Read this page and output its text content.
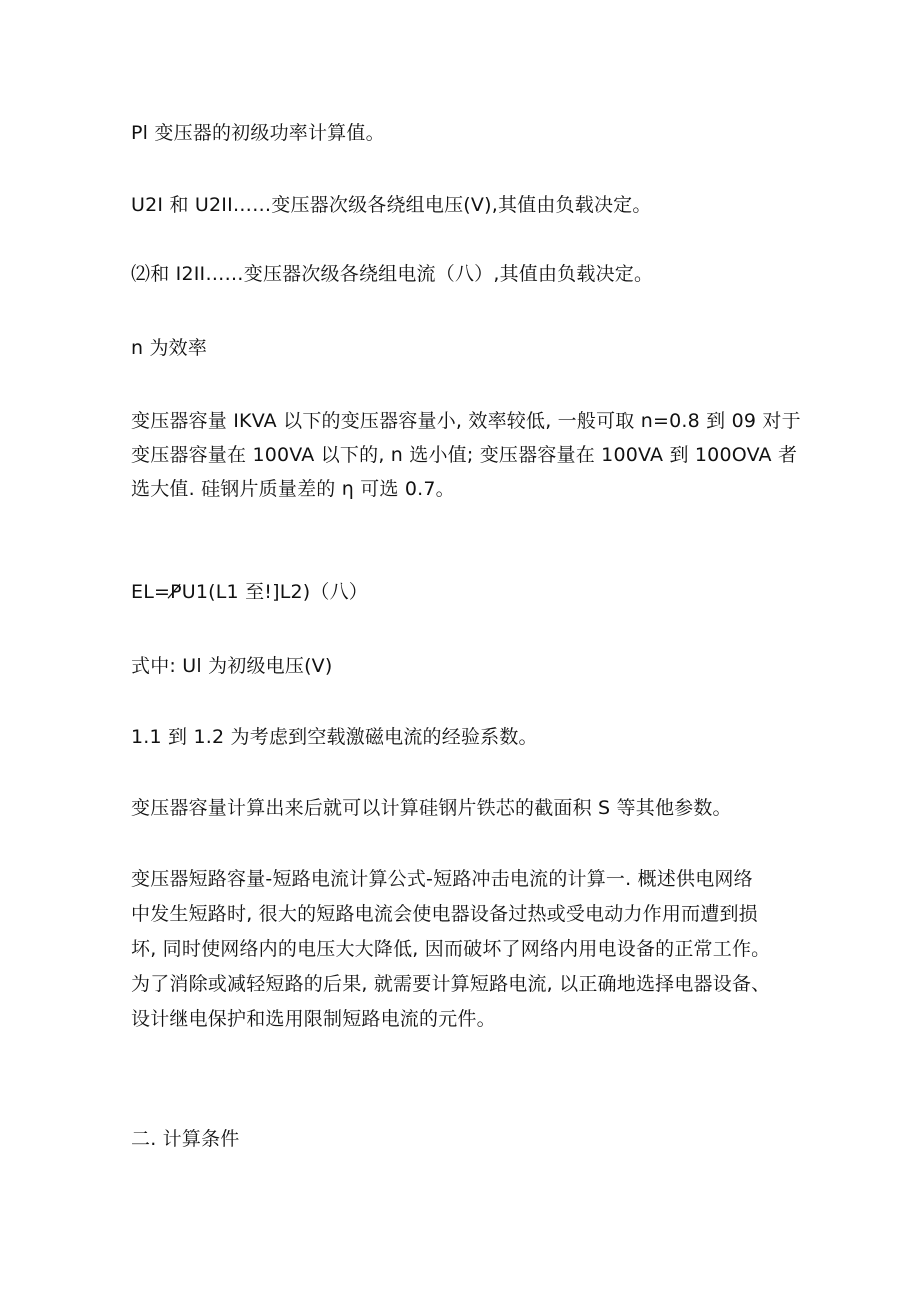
Pl 变压器的初级功率计算值。

U2I 和 U2II……变压器次级各绕组电压(V),其值由负载决定。

⑵和 I2II……变压器次级各绕组电流（八）,其值由负载决定。

n 为效率

变压器容量 IKVA 以下的变压器容量小, 效率较低, 一般可取 n=0.8 到 09 对于
变压器容量在 100VA 以下的, n 选小值; 变压器容量在 100VA 到 100OVA 者
选大值. 硅钢片质量差的 η 可选 0.7。

EL=P̸U1(L1 至!]L2)（八）

式中: Ul 为初级电压(V)

1.1 到 1.2 为考虑到空载激磁电流的经验系数。

变压器容量计算出来后就可以计算硅钢片铁芯的截面积 S 等其他参数。

变压器短路容量-短路电流计算公式-短路冲击电流的计算一. 概述供电网络
中发生短路时, 很大的短路电流会使电器设备过热或受电动力作用而遭到损
坏, 同时使网络内的电压大大降低, 因而破坏了网络内用电设备的正常工作。
为了消除或减轻短路的后果, 就需要计算短路电流, 以正确地选择电器设备、
设计继电保护和选用限制短路电流的元件。

二. 计算条件
